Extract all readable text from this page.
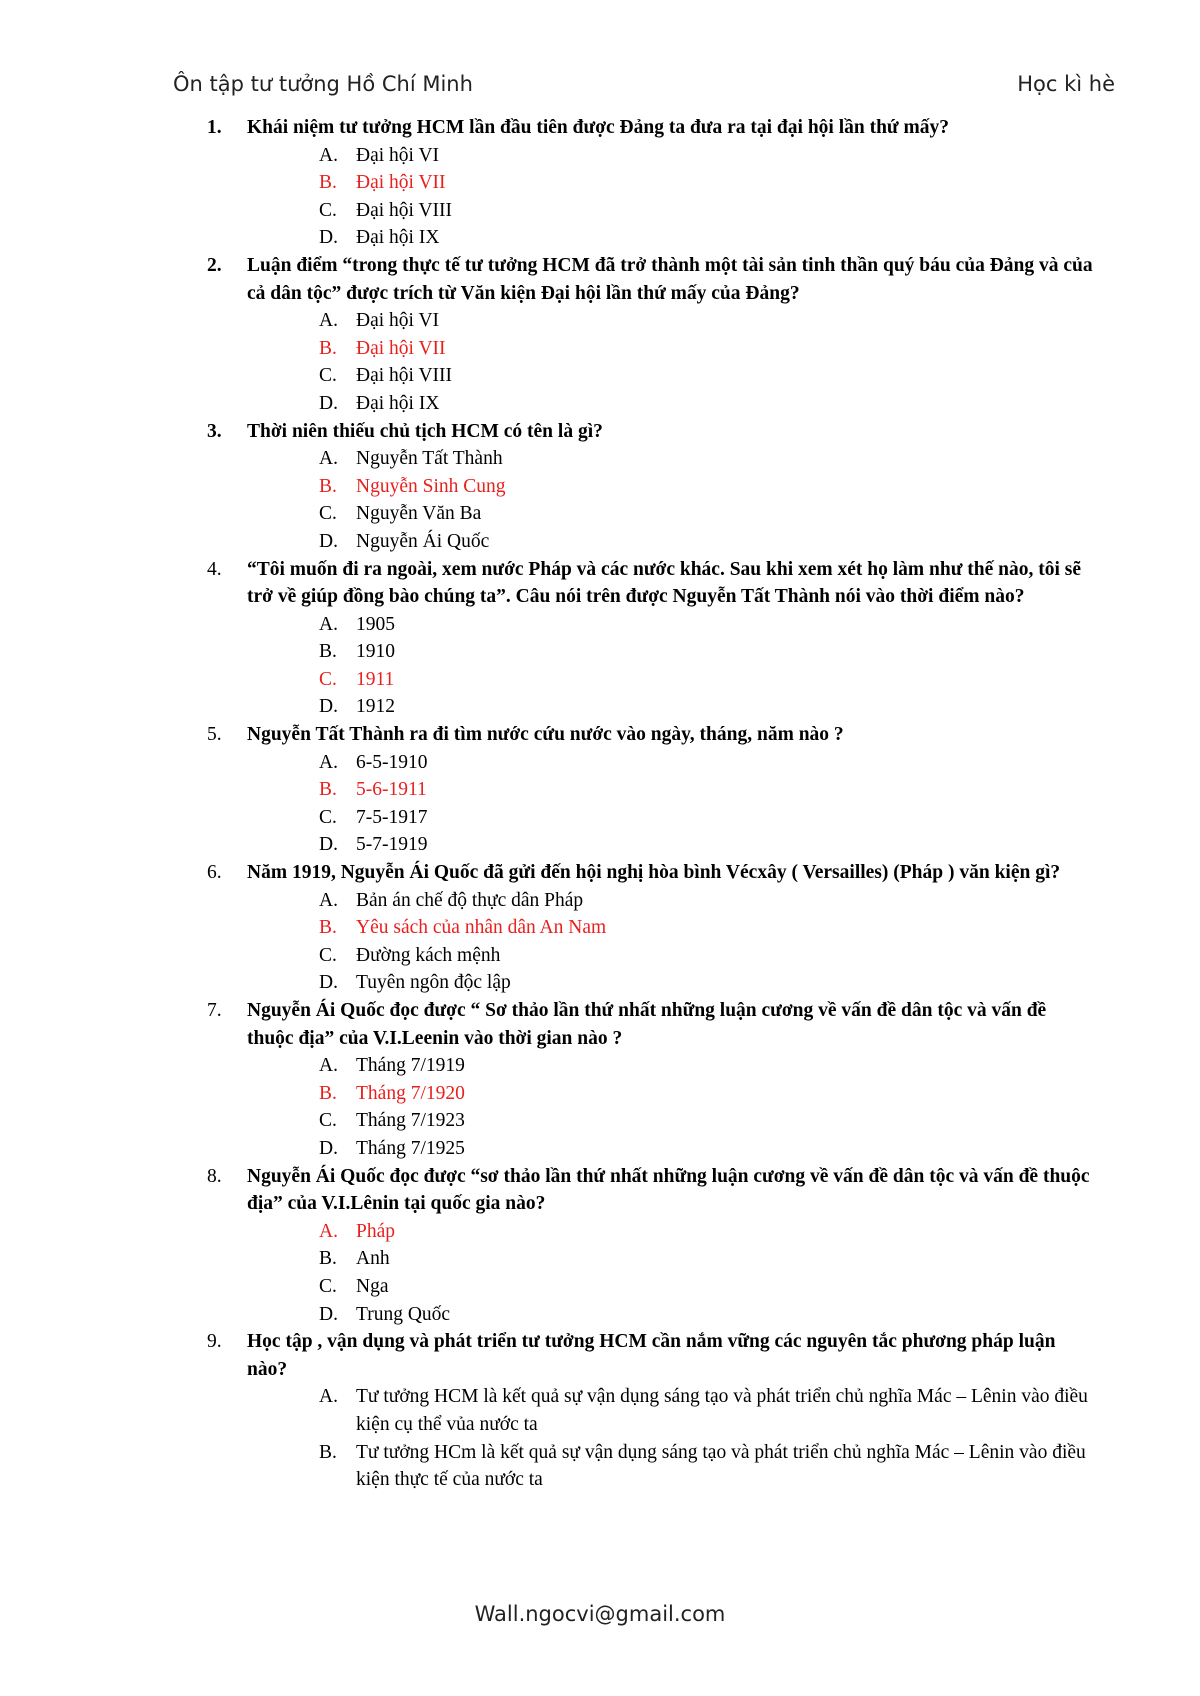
Ôn tập tư tưởng Hồ Chí Minh	Học kì hè
1. Khái niệm tư tưởng HCM lần đầu tiên được Đảng ta đưa ra tại đại hội lần thứ mấy?
A. Đại hội VI
B. Đại hội VII
C. Đại hội VIII
D. Đại hội IX
2. Luận điểm “trong thực tế tư tưởng HCM đã trở thành một tài sản tinh thần quý báu của Đảng và của cả dân tộc” được trích từ Văn kiện Đại hội lần thứ mấy của Đảng?
A. Đại hội VI
B. Đại hội VII
C. Đại hội VIII
D. Đại hội IX
3. Thời niên thiếu chủ tịch HCM có tên là gì?
A. Nguyễn Tất Thành
B. Nguyễn Sinh Cung
C. Nguyễn Văn Ba
D. Nguyễn Ái Quốc
4. “Tôi muốn đi ra ngoài, xem nước Pháp và các nước khác. Sau khi xem xét họ làm như thế nào, tôi sẽ trở về giúp đồng bào chúng ta”. Câu nói trên được Nguyễn Tất Thành nói vào thời điểm nào?
A. 1905
B. 1910
C. 1911
D. 1912
5. Nguyễn Tất Thành ra đi tìm nước cứu nước vào ngày, tháng, năm nào ?
A. 6-5-1910
B. 5-6-1911
C. 7-5-1917
D. 5-7-1919
6. Năm 1919, Nguyễn Ái Quốc đã gửi đến hội nghị hòa bình Vécxây ( Versailles) (Pháp ) văn kiện gì?
A. Bản án chế độ thực dân Pháp
B. Yêu sách của nhân dân An Nam
C. Đường kách mệnh
D. Tuyên ngôn độc lập
7. Nguyễn Ái Quốc đọc được “ Sơ thảo lần thứ nhất những luận cương về vấn đề dân tộc và vấn đề thuộc địa” của V.I.Leenin vào thời gian nào ?
A. Tháng 7/1919
B. Tháng 7/1920
C. Tháng 7/1923
D. Tháng 7/1925
8. Nguyễn Ái Quốc đọc được “sơ thảo lần thứ nhất những luận cương về vấn đề dân tộc và vấn đề thuộc địa” của V.I.Lênin tại quốc gia nào?
A. Pháp
B. Anh
C. Nga
D. Trung Quốc
9. Học tập , vận dụng và phát triển tư tưởng HCM cần nắm vững các nguyên tắc phương pháp luận nào?
A. Tư tưởng HCM là kết quả sự vận dụng sáng tạo và phát triển chủ nghĩa Mác – Lênin vào điều kiện cụ thể vủa nước ta
B. Tư tưởng HCm là kết quả sự vận dụng sáng tạo và phát triển chủ nghĩa Mác – Lênin vào điều kiện thực tế của nước ta
Wall.ngocvi@gmail.com
